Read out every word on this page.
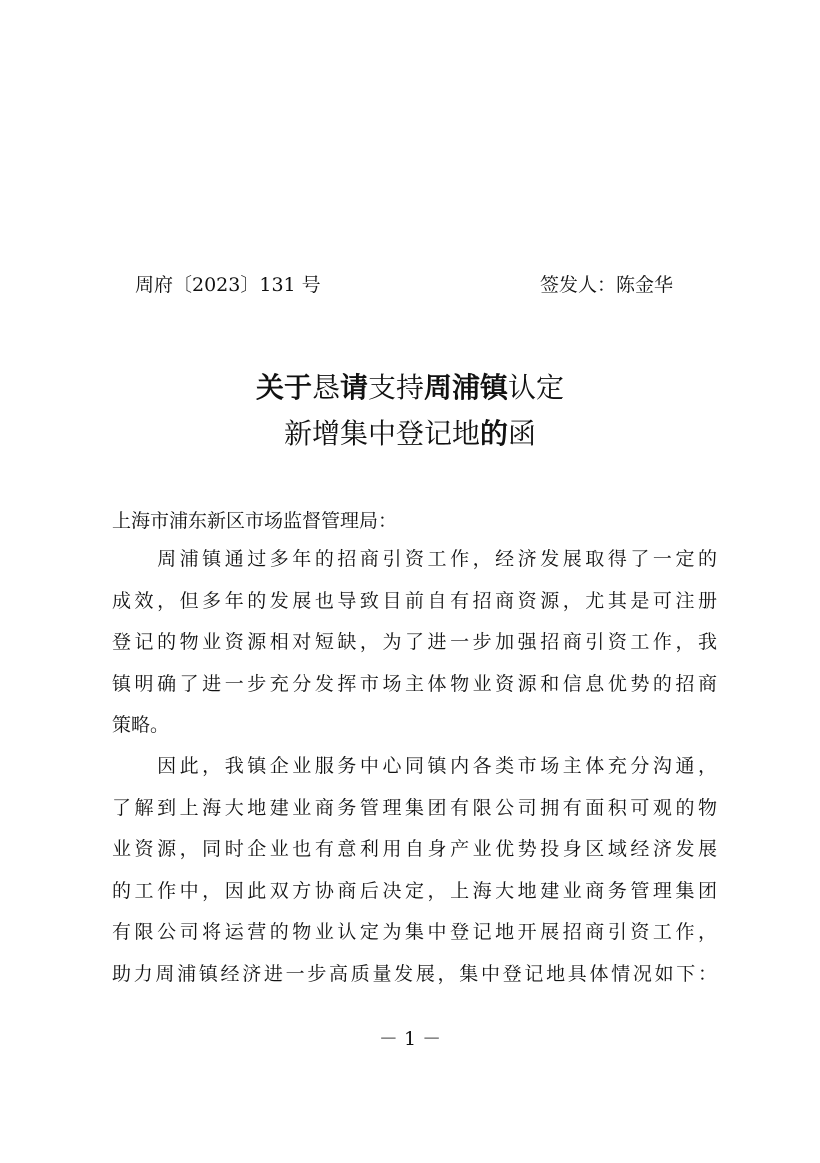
周府〔2023〕131 号	签发人：陈金华
关于恳请支持周浦镇认定
新增集中登记地的函
上海市浦东新区市场监督管理局：
　　周浦镇通过多年的招商引资工作，经济发展取得了一定的
成效，但多年的发展也导致目前自有招商资源，尤其是可注册
登记的物业资源相对短缺，为了进一步加强招商引资工作，我
镇明确了进一步充分发挥市场主体物业资源和信息优势的招商
策略。
　　因此，我镇企业服务中心同镇内各类市场主体充分沟通，
了解到上海大地建业商务管理集团有限公司拥有面积可观的物
业资源，同时企业也有意利用自身产业优势投身区域经济发展
的工作中，因此双方协商后决定，上海大地建业商务管理集团
有限公司将运营的物业认定为集中登记地开展招商引资工作，
助力周浦镇经济进一步高质量发展，集中登记地具体情况如下：
－ 1 －
